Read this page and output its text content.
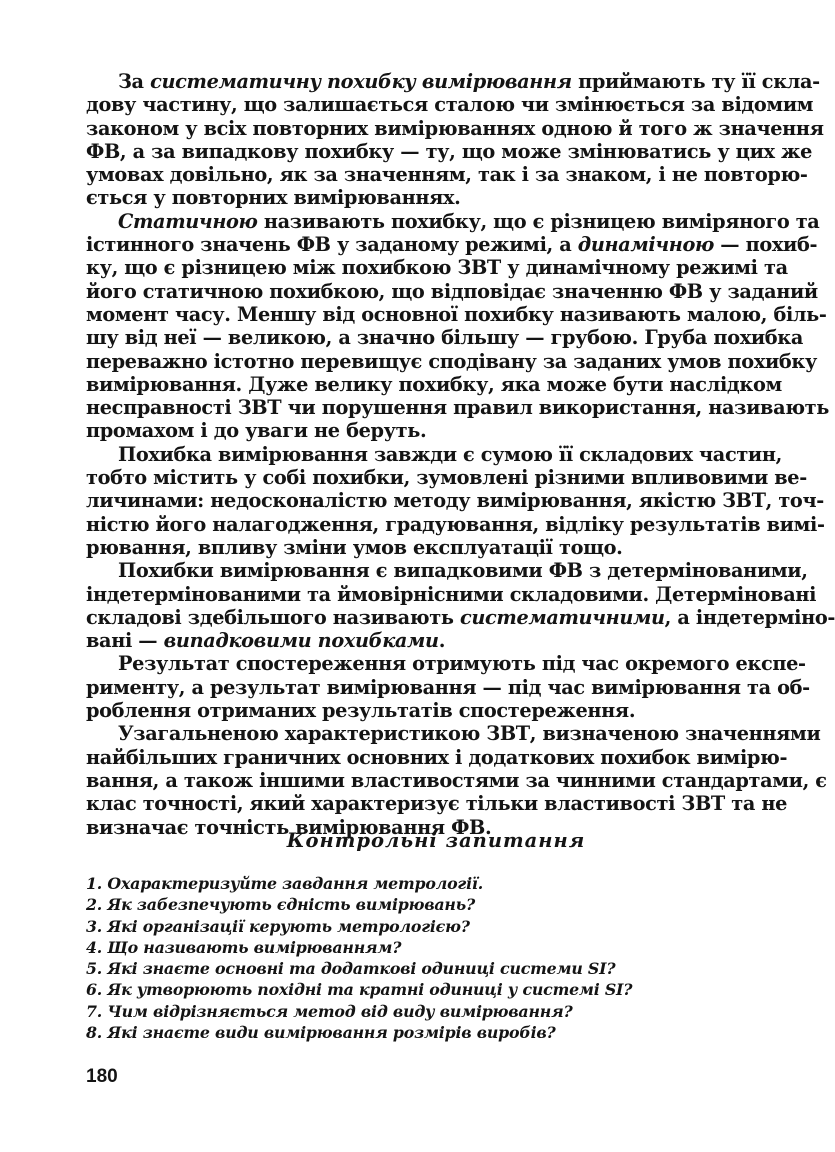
За систематичну похибку вимірювання приймають ту її скла-
дову частину, що залишається сталою чи змінюється за відомим
законом у всіх повторних вимірюваннях одною й того ж значення
ФВ, а за випадкову похибку — ту, що може змінюватись у цих же
умовах довільно, як за значенням, так і за знаком, і не повторю-
ється у повторних вимірюваннях.
Статичною називають похибку, що є різницею виміряного та
істинного значень ФВ у заданому режимі, а динамічною — похиб-
ку, що є різницею між похибкою ЗВТ у динамічному режимі та
його статичною похибкою, що відповідає значенню ФВ у заданий
момент часу. Меншу від основної похибку називають малою, біль-
шу від неї — великою, а значно більшу — грубою. Груба похибка
переважно істотно перевищує сподівану за заданих умов похибку
вимірювання. Дуже велику похибку, яка може бути наслідком
несправності ЗВТ чи порушення правил використання, називають
промахом і до уваги не беруть.
Похибка вимірювання завжди є сумою її складових частин,
тобто містить у собі похибки, зумовлені різними впливовими ве-
личинами: недосконалістю методу вимірювання, якістю ЗВТ, точ-
ністю його налагодження, градуювання, відліку результатів вимі-
рювання, впливу зміни умов експлуатації тощо.
Похибки вимірювання є випадковими ФВ з детермінованими,
індетермінованими та ймовірнісними складовими. Детерміновані
складові здебільшого називають систематичними, а індетерміно-
вані — випадковими похибками.
Результат спостереження отримують під час окремого експе-
рименту, а результат вимірювання — під час вимірювання та об-
роблення отриманих результатів спостереження.
Узагальненою характеристикою ЗВТ, визначеною значеннями
найбільших граничних основних і додаткових похибок вимірю-
вання, а також іншими властивостями за чинними стандартами, є
клас точності, який характеризує тільки властивості ЗВТ та не
визначає точність вимірювання ФВ.
Контрольні запитання
1. Охарактеризуйте завдання метрології.
2. Як забезпечують єдність вимірювань?
3. Які організації керують метрологією?
4. Що називають вимірюванням?
5. Які знаєте основні та додаткові одиниці системи SI?
6. Як утворюють похідні та кратні одиниці у системі SI?
7. Чим відрізняється метод від виду вимірювання?
8. Які знаєте види вимірювання розмірів виробів?
180
